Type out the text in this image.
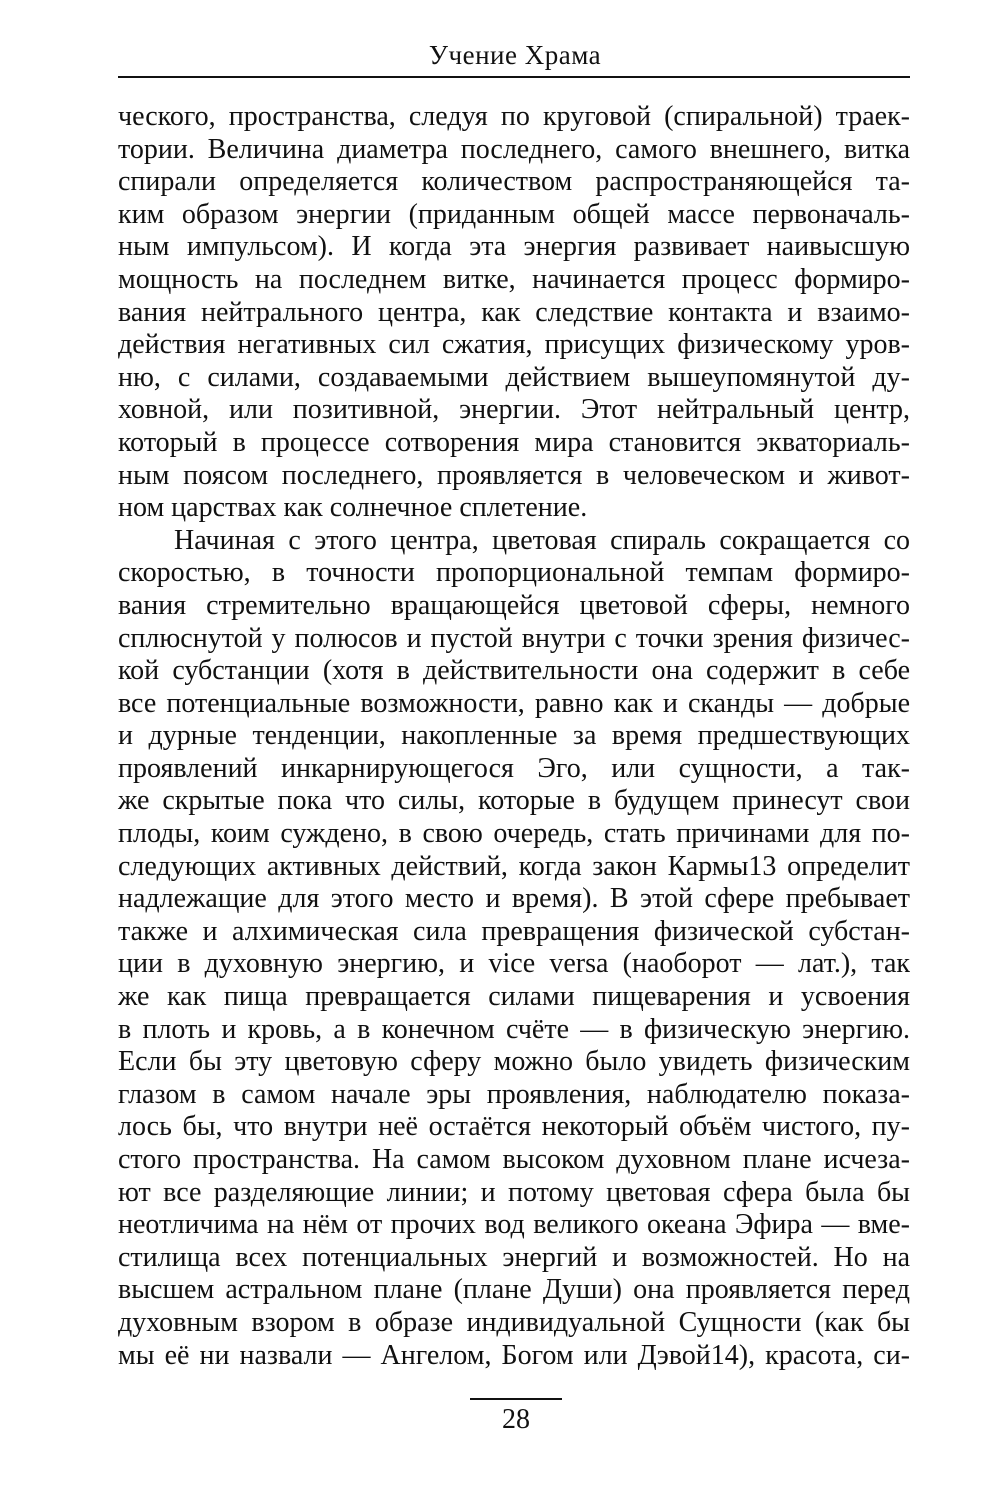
Учение Храма

ческого, пространства, следуя по круговой (спиральной) траек-
тории. Величина диаметра последнего, самого внешнего, витка
спирали определяется количеством распространяющейся та-
ким образом энергии (приданным общей массе первоначаль-
ным импульсом). И когда эта энергия развивает наивысшую
мощность на последнем витке, начинается процесс формиро-
вания нейтрального центра, как следствие контакта и взаимо-
действия негативных сил сжатия, присущих физическому уров-
ню, с силами, создаваемыми действием вышеупомянутой ду-
ховной, или позитивной, энергии. Этот нейтральный центр,
который в процессе сотворения мира становится экваториаль-
ным поясом последнего, проявляется в человеческом и живот-
ном царствах как солнечное сплетение.

Начиная с этого центра, цветовая спираль сокращается со
скоростью, в точности пропорциональной темпам формиро-
вания стремительно вращающейся цветовой сферы, немного
сплюснутой у полюсов и пустой внутри с точки зрения физичес-
кой субстанции (хотя в действительности она содержит в себе
все потенциальные возможности, равно как и сканды — добрые
и дурные тенденции, накопленные за время предшествующих
проявлений инкарнирующегося Эго, или сущности, а так-
же скрытые пока что силы, которые в будущем принесут свои
плоды, коим суждено, в свою очередь, стать причинами для по-
следующих активных действий, когда закон Кармы13 определит
надлежащие для этого место и время). В этой сфере пребывает
также и алхимическая сила превращения физической субстан-
ции в духовную энергию, и vice versa (наоборот — лат.), так
же как пища превращается силами пищеварения и усвоения
в плоть и кровь, а в конечном счёте — в физическую энергию.
Если бы эту цветовую сферу можно было увидеть физическим
глазом в самом начале эры проявления, наблюдателю показа-
лось бы, что внутри неё остаётся некоторый объём чистого, пу-
стого пространства. На самом высоком духовном плане исчеза-
ют все разделяющие линии; и потому цветовая сфера была бы
неотличима на нём от прочих вод великого океана Эфира — вме-
стилища всех потенциальных энергий и возможностей. Но на
высшем астральном плане (плане Души) она проявляется перед
духовным взором в образе индивидуальной Сущности (как бы
мы её ни назвали — Ангелом, Богом или Дэвой14), красота, си-

28
